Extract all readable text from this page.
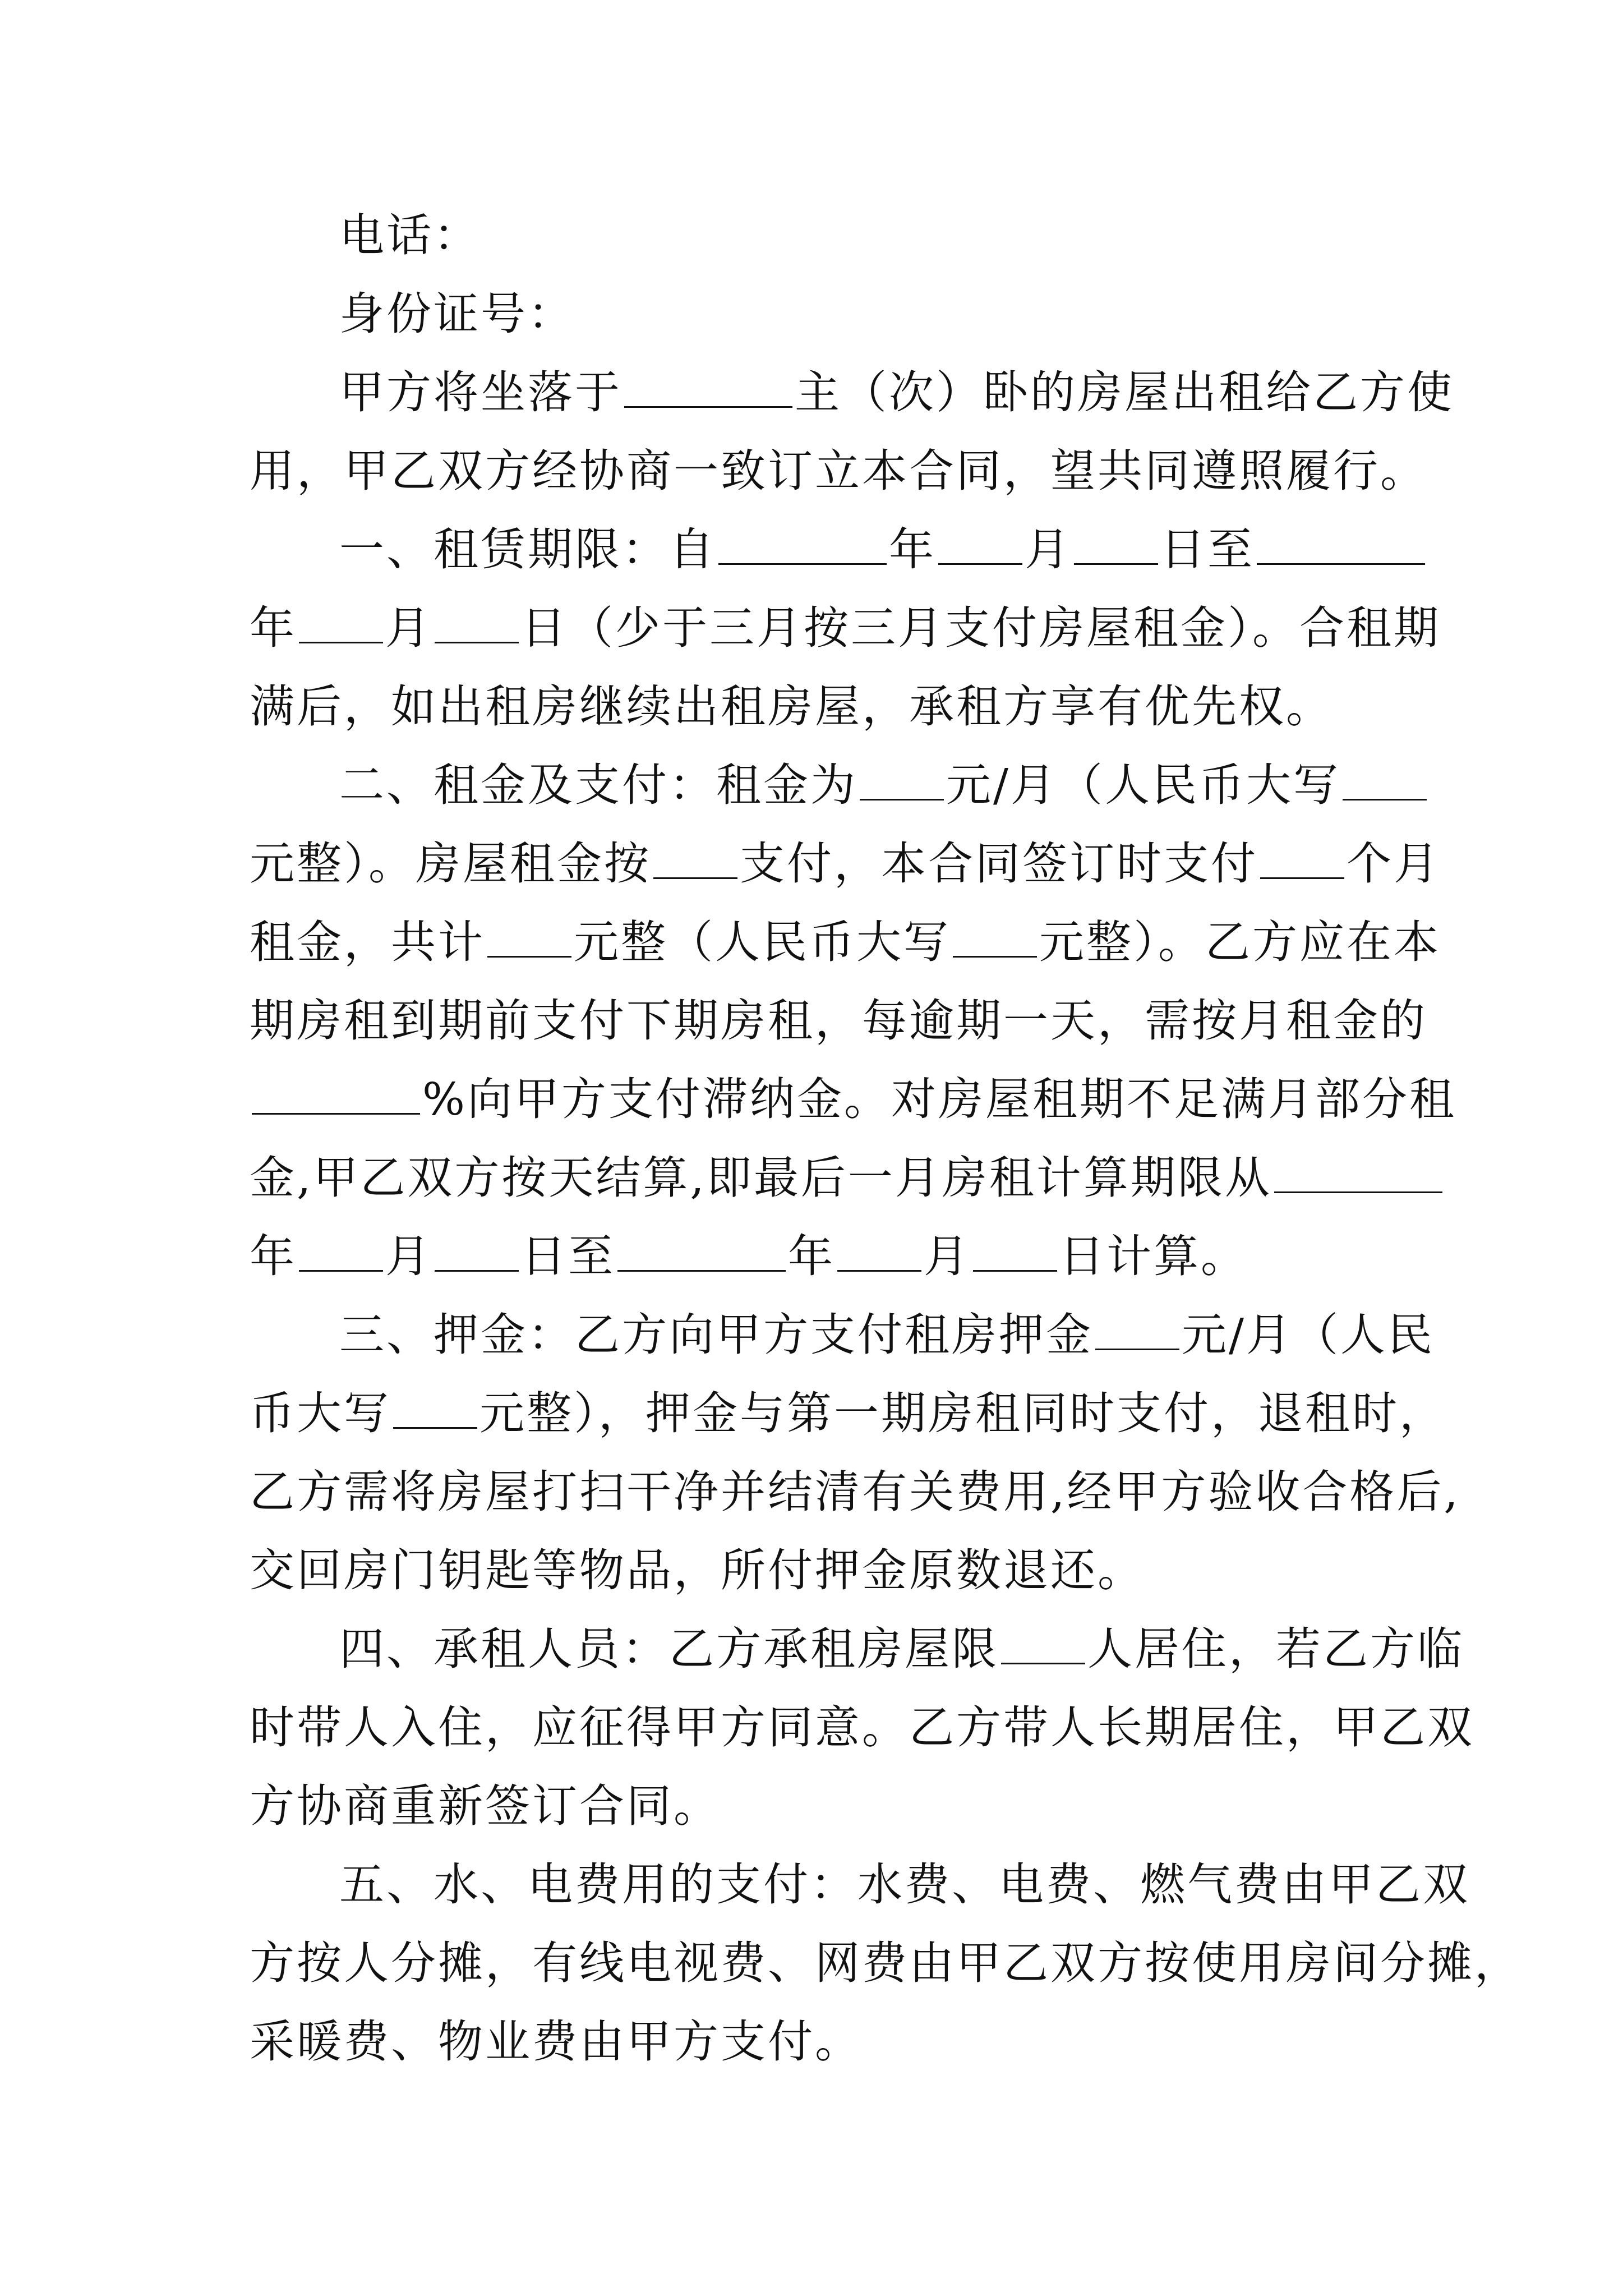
电话：
身份证号：
甲方将坐落于	主（次）卧的房屋出租给乙方使
用，甲乙双方经协商一致订立本合同，望共同遵照履行。
一、租赁期限：自	年 月 日至
年 月 日（少于三月按三月支付房屋租金）。合租期
满后，如出租房继续出租房屋，承租方享有优先权。
二、租金及支付：租金为 元/月（人民币大写
元整）。房屋租金按 支付，本合同签订时支付 个月
租金，共计 元整（人民币大写 元整）。乙方应在本
期房租到期前支付下期房租，每逾期一天，需按月租金的
%向甲方支付滞纳金。对房屋租期不足满月部分租
金,甲乙双方按天结算,即最后一月房租计算期限从
年 月 日至	年 月 日计算。
三、押金：乙方向甲方支付租房押金 元/月（人民
币大写 元整），押金与第一期房租同时支付，退租时，
乙方需将房屋打扫干净并结清有关费用,经甲方验收合格后,
交回房门钥匙等物品，所付押金原数退还。
四、承租人员：乙方承租房屋限 人居住，若乙方临
时带人入住，应征得甲方同意。乙方带人长期居住，甲乙双
方协商重新签订合同。
五、水、电费用的支付：水费、电费、燃气费由甲乙双
方按人分摊，有线电视费、网费由甲乙双方按使用房间分摊，
采暖费、物业费由甲方支付。
